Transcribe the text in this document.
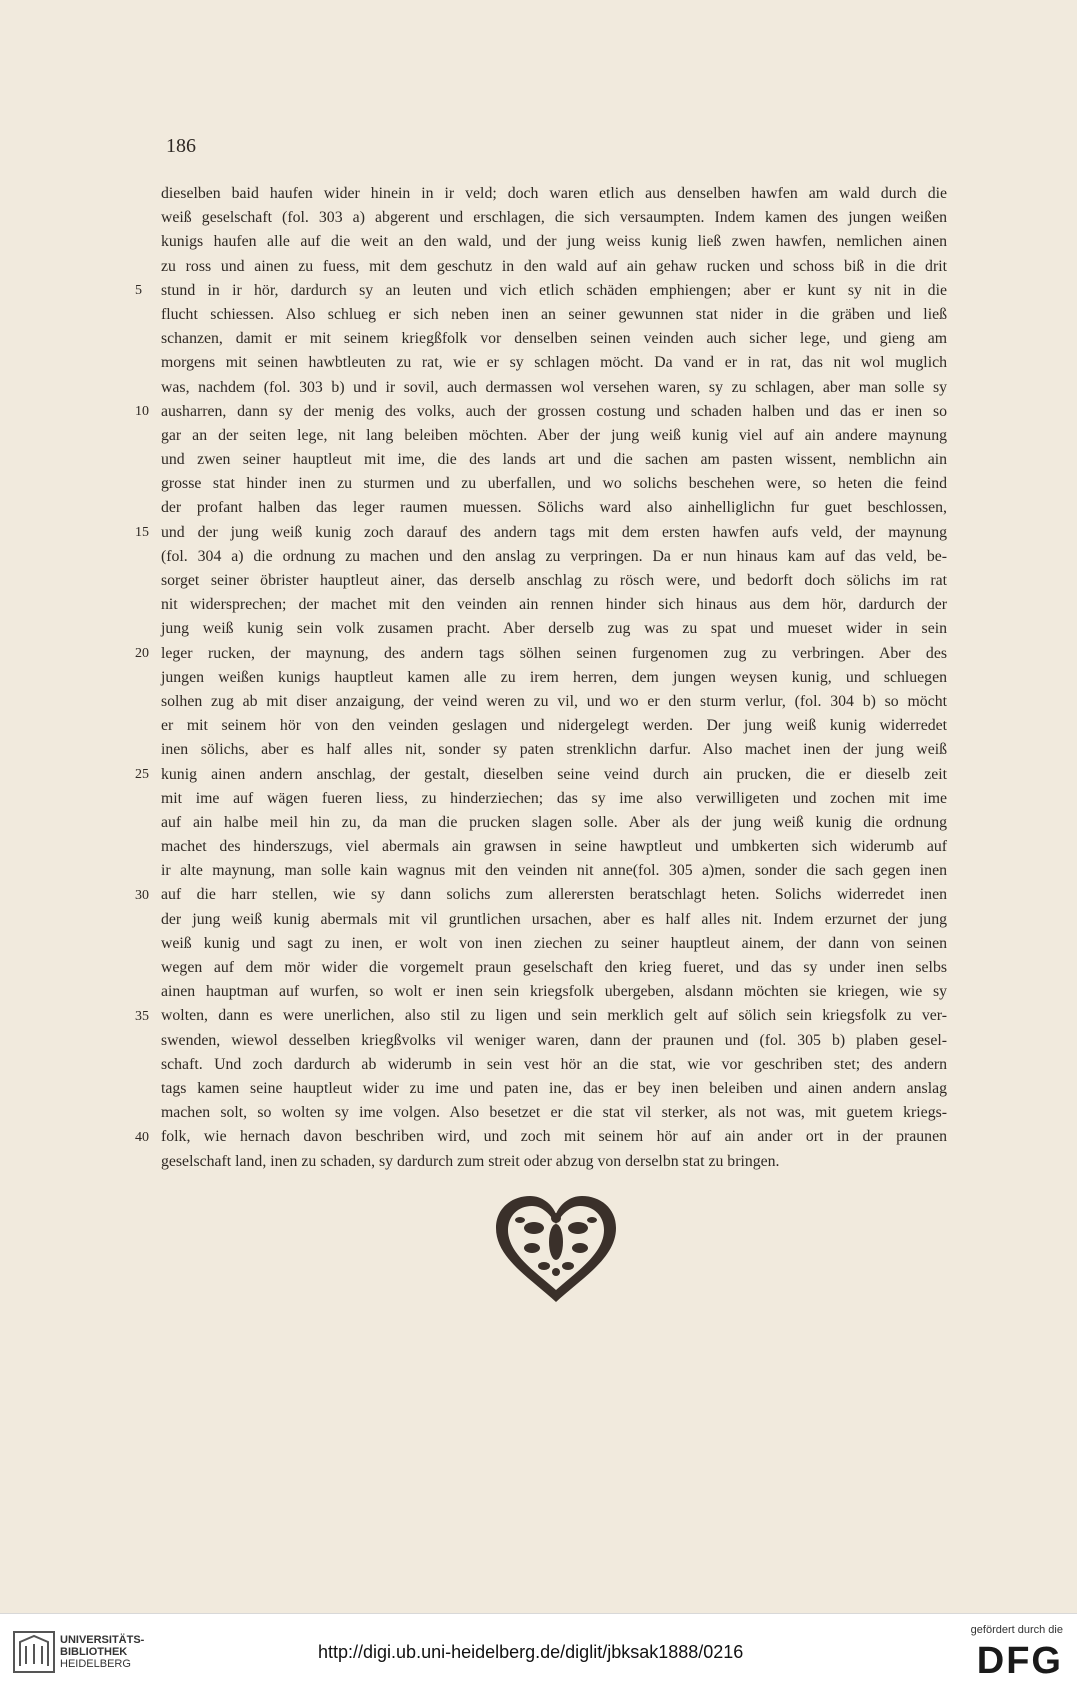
186
5
10
15
20
25
30
35
40
dieselben baid haufen wider hinein in ir veld; doch waren etlich aus denselben hawfen am wald durch die
weiß geselschaft (fol. 303 a) abgerent und erschlagen, die sich versaumpten. Indem kamen des jungen weißen
kunigs haufen alle auf die weit an den wald, und der jung weiss kunig ließ zwen hawfen, nemlichen ainen
zu ross und ainen zu fuess, mit dem geschutz in den wald auf ain gehaw rucken und schoss biß in die drit
stund in ir hör, dardurch sy an leuten und vich etlich schäden emphiengen; aber er kunt sy nit in die
flucht schiessen. Also schlueg er sich neben inen an seiner gewunnen stat nider in die gräben und ließ
schanzen, damit er mit seinem kriegßfolk vor denselben seinen veinden auch sicher lege, und gieng am
morgens mit seinen hawbtleuten zu rat, wie er sy schlagen möcht. Da vand er in rat, das nit wol muglich
was, nachdem (fol. 303 b) und ir sovil, auch dermassen wol versehen waren, sy zu schlagen, aber man solle sy
ausharren, dann sy der menig des volks, auch der grossen costung und schaden halben und das er inen so
gar an der seiten lege, nit lang beleiben möchten. Aber der jung weiß kunig viel auf ain andere maynung
und zwen seiner hauptleut mit ime, die des lands art und die sachen am pasten wissent, nemblichn ain
grosse stat hinder inen zu sturmen und zu uberfallen, und wo solichs beschehen were, so heten die feind
der profant halben das leger raumen muessen. Sölichs ward also ainhelliglichn fur guet beschlossen,
und der jung weiß kunig zoch darauf des andern tags mit dem ersten hawfen aufs veld, der maynung
(fol. 304 a) die ordnung zu machen und den anslag zu verpringen. Da er nun hinaus kam auf das veld, be-
sorget seiner öbrister hauptleut ainer, das derselb anschlag zu rösch were, und bedorft doch sölichs im rat
nit widersprechen; der machet mit den veinden ain rennen hinder sich hinaus aus dem hör, dardurch der
jung weiß kunig sein volk zusamen pracht. Aber derselb zug was zu spat und mueset wider in sein
leger rucken, der maynung, des andern tags sölhen seinen furgenomen zug zu verbringen. Aber des
jungen weißen kunigs hauptleut kamen alle zu irem herren, dem jungen weysen kunig, und schluegen
solhen zug ab mit diser anzaigung, der veind weren zu vil, und wo er den sturm verlur, (fol. 304 b) so möcht
er mit seinem hör von den veinden geslagen und nidergelegt werden. Der jung weiß kunig widerredet
inen sölichs, aber es half alles nit, sonder sy paten strenklichn darfur. Also machet inen der jung weiß
kunig ainen andern anschlag, der gestalt, dieselben seine veind durch ain prucken, die er dieselb zeit
mit ime auf wägen fueren liess, zu hinderziechen; das sy ime also verwilligeten und zochen mit ime
auf ain halbe meil hin zu, da man die prucken slagen solle. Aber als der jung weiß kunig die ordnung
machet des hinderszugs, viel abermals ain grawsen in seine hawptleut und umbkerten sich widerumb auf
ir alte maynung, man solle kain wagnus mit den veinden nit anne(fol. 305 a)men, sonder die sach gegen inen
auf die harr stellen, wie sy dann solichs zum allerersten beratschlagt heten. Solichs widerredet inen
der jung weiß kunig abermals mit vil gruntlichen ursachen, aber es half alles nit. Indem erzurnet der jung
weiß kunig und sagt zu inen, er wolt von inen ziechen zu seiner hauptleut ainem, der dann von seinen
wegen auf dem mör wider die vorgemelt praun geselschaft den krieg fueret, und das sy under inen selbs
ainen hauptman auf wurfen, so wolt er inen sein kriegsfolk ubergeben, alsdann möchten sie kriegen, wie sy
wolten, dann es were unerlichen, also stil zu ligen und sein merklich gelt auf sölich sein kriegsfolk zu ver-
swenden, wiewol desselben kriegßvolks vil weniger waren, dann der praunen und (fol. 305 b) plaben gesel-
schaft. Und zoch dardurch ab widerumb in sein vest hör an die stat, wie vor geschriben stet; des andern
tags kamen seine hauptleut wider zu ime und paten ine, das er bey inen beleiben und ainen andern anslag
machen solt, so wolten sy ime volgen. Also besetzet er die stat vil sterker, als not was, mit guetem kriegs-
folk, wie hernach davon beschriben wird, und zoch mit seinem hör auf ain ander ort in der praunen
geselschaft land, inen zu schaden, sy dardurch zum streit oder abzug von derselbn stat zu bringen.
UNIVERSITÄTS-
BIBLIOTHEK
HEIDELBERG
http://digi.ub.uni-heidelberg.de/diglit/jbksak1888/0216
gefördert durch die
DFG
